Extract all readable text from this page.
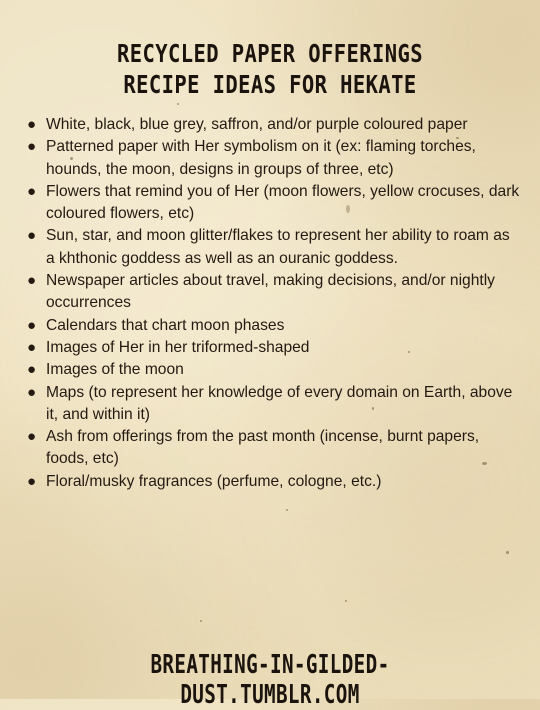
RECYCLED PAPER OFFERINGS
RECIPE IDEAS FOR HEKATE
● White, black, blue grey, saffron, and/or purple coloured paper
● Patterned paper with Her symbolism on it (ex: flaming torches, hounds, the moon, designs in groups of three, etc)
● Flowers that remind you of Her (moon flowers, yellow crocuses, dark coloured flowers, etc)
● Sun, star, and moon glitter/flakes to represent her ability to roam as a khthonic goddess as well as an ouranic goddess.
● Newspaper articles about travel, making decisions, and/or nightly occurrences
● Calendars that chart moon phases
● Images of Her in her triformed-shaped
● Images of the moon
● Maps (to represent her knowledge of every domain on Earth, above it, and within it)
● Ash from offerings from the past month (incense, burnt papers, foods, etc)
● Floral/musky fragrances (perfume, cologne, etc.)
BREATHING-IN-GILDED-DUST.TUMBLR.COM
